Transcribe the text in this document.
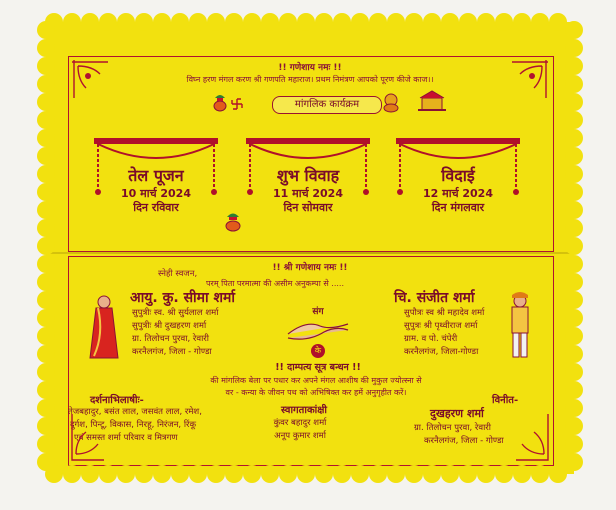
!! गणेशाय नमः !!
विघ्न हरण मंगल करण श्री गणपति महाराज। प्रथम निमंत्रण आपको पूरण कीजे काज।।
मांगलिक कार्यक्रम
तेल पूजन
10 मार्च 2024
दिन रविवार
शुभ विवाह
11 मार्च 2024
दिन सोमवार
विदाई
12 मार्च 2024
दिन मंगलवार
!! श्री गणेशाय नमः !!
स्नेही स्वजन,
परम् पिता परमात्मा की असीम अनुकम्पा से .....
आयु. कु. सीमा शर्मा
सुपुत्रीः स्व. श्री सुर्यलाल शर्मा
सुपुत्रीः श्री दुखहरण शर्मा
ग्रा. तिलोचन पुरवा, रेवारी
करनैलगंज, जिला - गोण्डा
संग
के
!! दाम्पत्य सूत्र बन्धन !!
चि. संजीत शर्मा
सुपौत्रः स्व श्री महादेव शर्मा
सुपुत्रः श्री पृथ्वीराज शर्मा
ग्राम. व पो. चंपेरी
करनैलगंज, जिला-गोण्डा
की मांगलिक बेला पर पधार कर अपने मंगल आशीष की मुकुल ज्योत्स्ना से
वर - कन्या के जीवन पथ को अभिषिक्त कर हमें अनुगृहीत करें।
दर्शनाभिलाषीः-
तेजबहादुर, बसंत लाल, जसवंत लाल, रमेश,
दुर्गश, पिन्टू, विकास, निरहू, निरंजन, रिंकू
एवं समस्त शर्मा परिवार व मित्रगण
स्वागताकांक्षी
कुंवर बहादुर शर्मा
अनूप कुमार शर्मा
विनीत-
दुखहरण शर्मा
ग्रा. तिलोचन पुरवा, रेवारी
करनैलगंज, जिला - गोण्डा
